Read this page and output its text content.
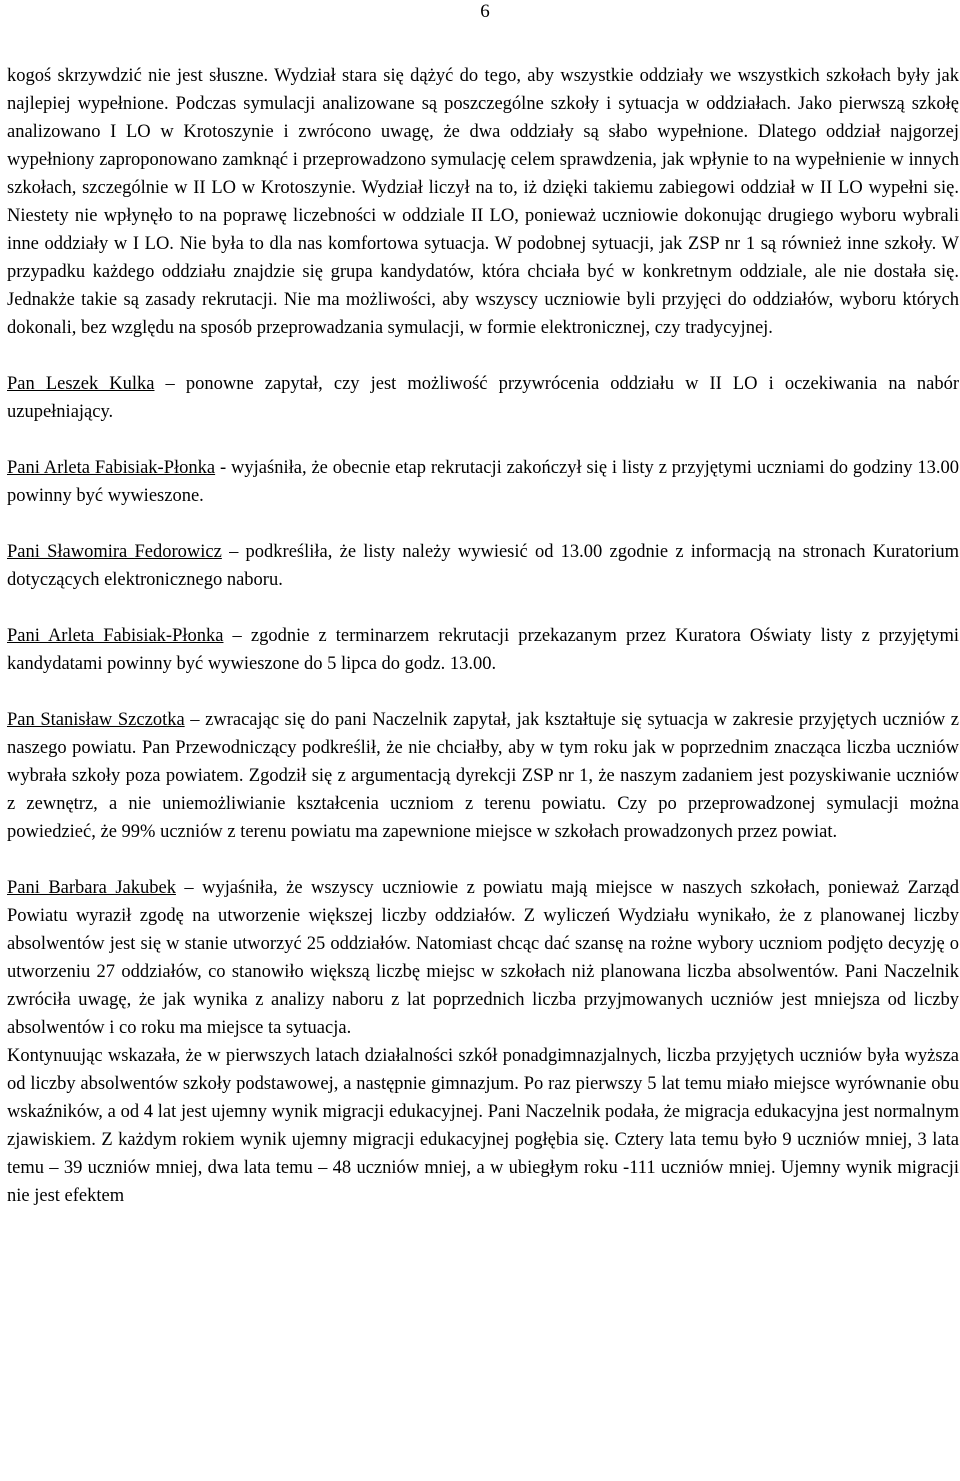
6

kogoś skrzywdzić nie jest słuszne. Wydział stara się dążyć do tego, aby wszystkie oddziały we wszystkich szkołach były jak najlepiej wypełnione. Podczas symulacji analizowane są poszczególne szkoły i sytuacja w oddziałach. Jako pierwszą szkołę analizowano I LO w Krotoszynie i zwrócono uwagę, że dwa oddziały są słabo wypełnione. Dlatego oddział najgorzej wypełniony zaproponowano zamknąć i przeprowadzono symulację celem sprawdzenia, jak wpłynie to na wypełnienie w innych szkołach, szczególnie w II LO w Krotoszynie. Wydział liczył na to, iż dzięki takiemu zabiegowi oddział w II LO wypełni się. Niestety nie wpłynęło to na poprawę liczebności w oddziale II LO, ponieważ uczniowie dokonując drugiego wyboru wybrali inne oddziały w I LO. Nie była to dla nas komfortowa sytuacja. W podobnej sytuacji, jak ZSP nr 1 są również inne szkoły. W przypadku każdego oddziału znajdzie się grupa kandydatów, która chciała być w konkretnym oddziale, ale nie dostała się. Jednakże takie są zasady rekrutacji. Nie ma możliwości, aby wszyscy uczniowie byli przyjęci do oddziałów, wyboru których dokonali, bez względu na sposób przeprowadzania symulacji, w formie elektronicznej, czy tradycyjnej.

Pan Leszek Kulka – ponowne zapytał, czy jest możliwość przywrócenia oddziału w II LO i oczekiwania na nabór uzupełniający.

Pani Arleta Fabisiak-Płonka - wyjaśniła, że obecnie etap rekrutacji zakończył się i listy z przyjętymi uczniami do godziny 13.00 powinny być wywieszone.

Pani Sławomira Fedorowicz – podkreśliła, że listy należy wywiesić od 13.00 zgodnie z informacją na stronach Kuratorium dotyczących elektronicznego naboru.

Pani Arleta Fabisiak-Płonka – zgodnie z terminarzem rekrutacji przekazanym przez Kuratora Oświaty listy z przyjętymi kandydatami powinny być wywieszone do 5 lipca do godz. 13.00.

Pan Stanisław Szczotka – zwracając się do pani Naczelnik zapytał, jak kształtuje się sytuacja w zakresie przyjętych uczniów z naszego powiatu. Pan Przewodniczący podkreślił, że nie chciałby, aby w tym roku jak w poprzednim znacząca liczba uczniów wybrała szkoły poza powiatem. Zgodził się z argumentacją dyrekcji ZSP nr 1, że naszym zadaniem jest pozyskiwanie uczniów z zewnętrz, a nie uniemożliwianie kształcenia uczniom z terenu powiatu. Czy po przeprowadzonej symulacji można powiedzieć, że 99% uczniów z terenu powiatu ma zapewnione miejsce w szkołach prowadzonych przez powiat.

Pani Barbara Jakubek – wyjaśniła, że wszyscy uczniowie z powiatu mają miejsce w naszych szkołach, ponieważ Zarząd Powiatu wyraził zgodę na utworzenie większej liczby oddziałów. Z wyliczeń Wydziału wynikało, że z planowanej liczby absolwentów jest się w stanie utworzyć 25 oddziałów. Natomiast chcąc dać szansę na rożne wybory uczniom podjęto decyzję o utworzeniu 27 oddziałów, co stanowiło większą liczbę miejsc w szkołach niż planowana liczba absolwentów. Pani Naczelnik zwróciła uwagę, że jak wynika z analizy naboru z lat poprzednich liczba przyjmowanych uczniów jest mniejsza od liczby absolwentów i co roku ma miejsce ta sytuacja.

Kontynuując wskazała, że w pierwszych latach działalności szkół ponadgimnazjalnych, liczba przyjętych uczniów była wyższa od liczby absolwentów szkoły podstawowej, a następnie gimnazjum. Po raz pierwszy 5 lat temu miało miejsce wyrównanie obu wskaźników, a od 4 lat jest ujemny wynik migracji edukacyjnej. Pani Naczelnik podała, że migracja edukacyjna jest normalnym zjawiskiem. Z każdym rokiem wynik ujemny migracji edukacyjnej pogłębia się. Cztery lata temu było 9 uczniów mniej, 3 lata temu – 39 uczniów mniej, dwa lata temu – 48 uczniów mniej, a w ubiegłym roku -111 uczniów mniej. Ujemny wynik migracji nie jest efektem
